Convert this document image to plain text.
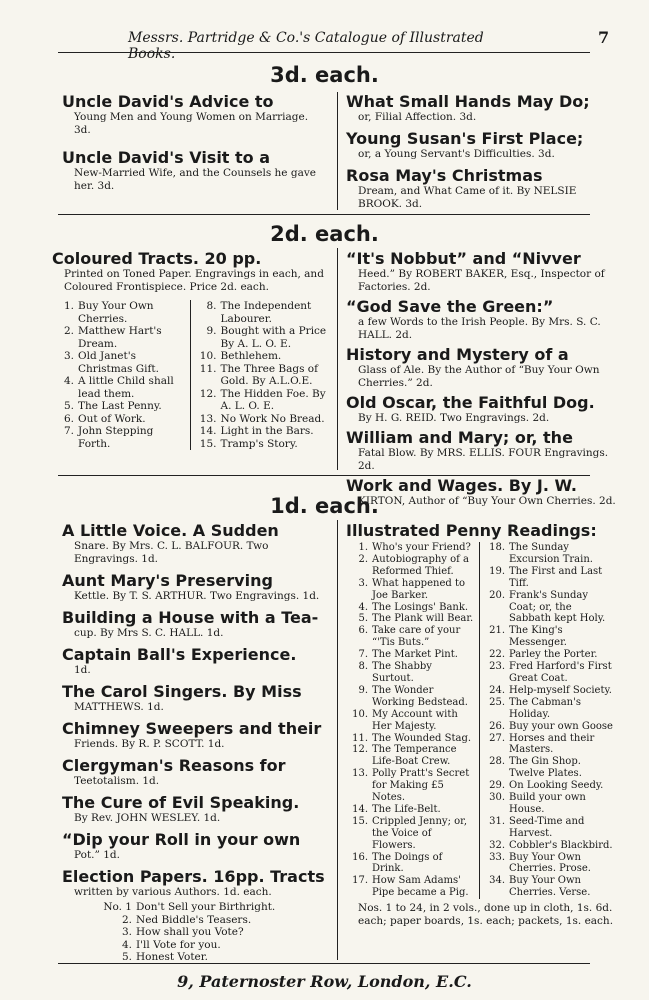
Messrs. Partridge & Co.'s Catalogue of Illustrated Books.
7
3d. each.

Uncle David's Advice to

Young Men and Young Women on Marriage. 3d.

Uncle David's Visit to a

New-Married Wife, and the Counsels he gave her. 3d.

What Small Hands May Do;

or, Filial Affection. 3d.

Young Susan's First Place;

or, a Young Servant's Difficulties. 3d.

Rosa May's Christmas

Dream, and What Came of it. By NELSIE BROOK. 3d.

2d. each.

Coloured Tracts. 20 pp.

Printed on Toned Paper. Engravings in each, and Coloured Frontispiece. Price 2d. each.

1. Buy Your Own Cherries.
2. Matthew Hart's Dream.
3. Old Janet's Christmas Gift.
4. A little Child shall lead them.
5. The Last Penny.
6. Out of Work.
7. John Stepping Forth.
8. The Independent Labourer.
9. Bought with a Price By A. L. O. E.
10. Bethlehem.
11. The Three Bags of Gold. By A.L.O.E.
12. The Hidden Foe. By A. L. O. E.
13. No Work No Bread.
14. Light in the Bars.
15. Tramp's Story.

“It's Nobbut” and “Nivver

Heed.” By ROBERT BAKER, Esq., Inspector of Factories. 2d.

“God Save the Green:”

a few Words to the Irish People. By Mrs. S. C. HALL. 2d.

History and Mystery of a

Glass of Ale. By the Author of “Buy Your Own Cherries.” 2d.

Old Oscar, the Faithful Dog.

By H. G. REID. Two Engravings. 2d.

William and Mary; or, the

Fatal Blow. By MRS. ELLIS. FOUR Engravings. 2d.

Work and Wages. By J. W.

KIRTON, Author of “Buy Your Own Cherries. 2d.

1d. each.

A Little Voice. A Sudden

Snare. By Mrs. C. L. BALFOUR. Two Engravings. 1d.

Aunt Mary's Preserving

Kettle. By T. S. ARTHUR. Two Engravings. 1d.

Building a House with a Tea-

cup. By Mrs S. C. HALL. 1d.

Captain Ball's Experience.

1d.

The Carol Singers. By Miss

MATTHEWS. 1d.

Chimney Sweepers and their

Friends. By R. P. SCOTT. 1d.

Clergyman's Reasons for

Teetotalism. 1d.

The Cure of Evil Speaking.

By Rev. JOHN WESLEY. 1d.

“Dip your Roll in your own

Pot.” 1d.

Election Papers. 16pp. Tracts

written by various Authors. 1d. each.

No. 1 Don't Sell your Birthright.
2. Ned Biddle's Teasers.
3. How shall you Vote?
4. I'll Vote for you.
5. Honest Voter.

Illustrated Penny Readings:

1. Who's your Friend?
2. Autobiography of a Reformed Thief.
3. What happened to Joe Barker.
4. The Losings' Bank.
5. The Plank will Bear.
6. Take care of your “'Tis Buts.”
7. The Market Pint.
8. The Shabby Surtout.
9. The Wonder Working Bedstead.
10. My Account with Her Majesty.
11. The Wounded Stag.
12. The Temperance Life-Boat Crew.
13. Polly Pratt's Secret for Making £5 Notes.
14. The Life-Belt.
15. Crippled Jenny; or, the Voice of Flowers.
16. The Doings of Drink.
17. How Sam Adams' Pipe became a Pig.
18. The Sunday Excursion Train.
19. The First and Last Tiff.
20. Frank's Sunday Coat; or, the Sabbath kept Holy.
21. The King's Messenger.
22. Parley the Porter.
23. Fred Harford's First Great Coat.
24. Help-myself Society.
25. The Cabman's Holiday.
26. Buy your own Goose
27. Horses and their Masters.
28. The Gin Shop. Twelve Plates.
29. On Looking Seedy.
30. Build your own House.
31. Seed-Time and Harvest.
32. Cobbler's Blackbird.
33. Buy Your Own Cherries. Prose.
34. Buy Your Own Cherries. Verse.

Nos. 1 to 24, in 2 vols., done up in cloth, 1s. 6d. each; paper boards, 1s. each; packets, 1s. each.

9, Paternoster Row, London, E.C.
